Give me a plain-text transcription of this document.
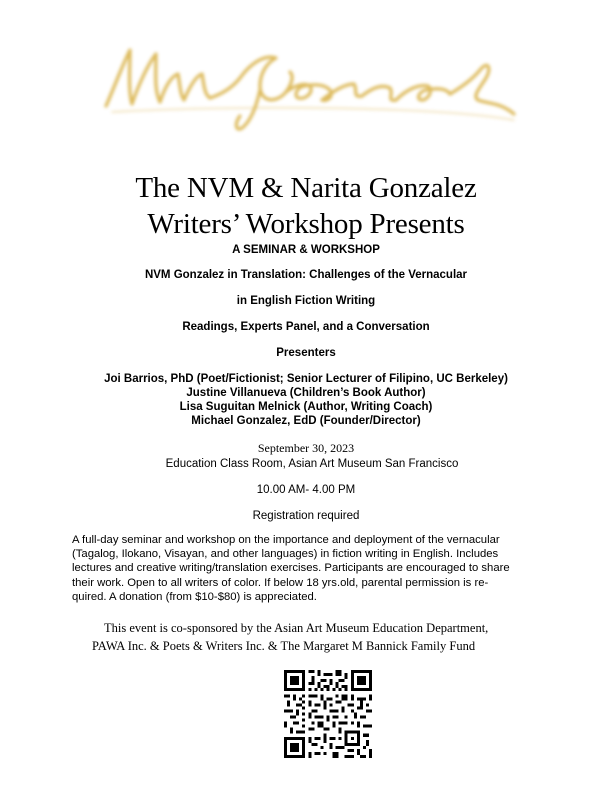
NVM Gonzalez
The NVM & Narita Gonzalez
Writers’ Workshop Presents
A SEMINAR & WORKSHOP
NVM Gonzalez in Translation: Challenges of the Vernacular
in English Fiction Writing
Readings, Experts Panel, and a Conversation
Presenters
Joi Barrios, PhD (Poet/Fictionist; Senior Lecturer of Filipino, UC Berkeley)
Justine Villanueva (Children’s Book Author)
Lisa Suguitan Melnick (Author, Writing Coach)
Michael Gonzalez, EdD (Founder/Director)
September 30, 2023
Education Class Room, Asian Art Museum San Francisco
10.00 AM- 4.00 PM
Registration required
A full-day seminar and workshop on the importance and deployment of the vernacular
(Tagalog, Ilokano, Visayan, and other languages) in fiction writing in English. Includes
lectures and creative writing/translation exercises. Participants are encouraged to share
their work. Open to all writers of color. If below 18 yrs.old, parental permission is re-
quired. A donation (from $10-$80) is appreciated.
This event is co-sponsored by the Asian Art Museum Education Department,
PAWA Inc. & Poets & Writers Inc. & The Margaret M Bannick Family Fund
